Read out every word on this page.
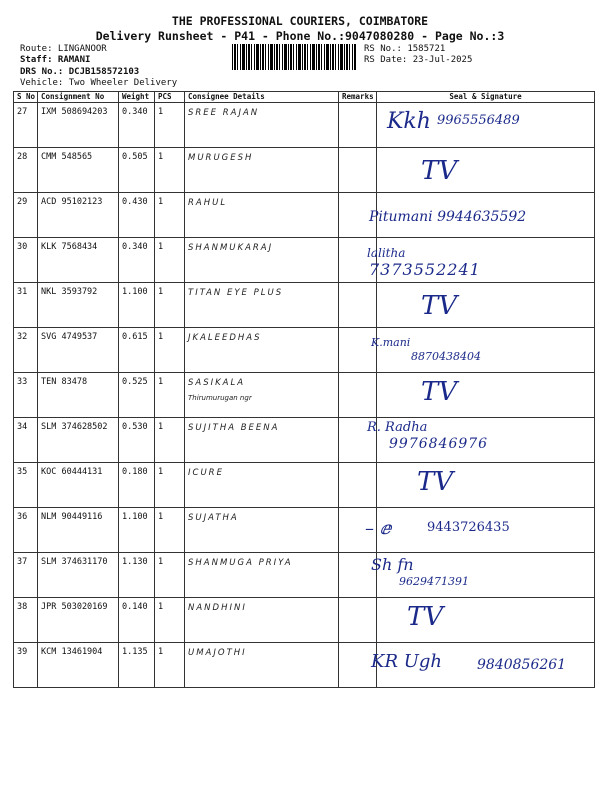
THE PROFESSIONAL COURIERS, COIMBATORE
Delivery Runsheet - P41 - Phone No.:9047080280 - Page No.:3
Route: LINGANOOR
Staff: RAMANI
DRS No.: DCJB158572103
Vehicle: Two Wheeler Delivery
RS No.: 1585721
RS Date: 23-Jul-2025
S No	Consignment No	Weight	PCS	Consignee Details	Remarks	Seal & Signature
27	IXM 508694203	0.340	1	SREE RAJAN		Kkh 9965556489

28	CMM 548565	0.505	1	MURUGESH		TV

29	ACD 95102123	0.430	1	RAHUL		Pitumani 9944635592

30	KLK 7568434	0.340	1	SHANMUKARAJ		lalitha
7373552241

31	NKL 3593792	1.100	1	TITAN EYE PLUS		TV

32	SVG 4749537	0.615	1	JKALEEDHAS		K.mani
8870438404

33	TEN 83478	0.525	1	SASIKALA
Thirumurugan ngr		TV

34	SLM 374628502	0.530	1	SUJITHA BEENA		R. Radha
9976846976

35	KOC 60444131	0.180	1	ICURE		TV

36	NLM 90449116	1.100	1	SUJATHA		– ⅇ 9443726435

37	SLM 374631170	1.130	1	SHANMUGA PRIYA		Sh fn
9629471391

38	JPR 503020169	0.140	1	NANDHINI		TV

39	KCM 13461904	1.135	1	UMAJOTHI		KR Ugh 9840856261
